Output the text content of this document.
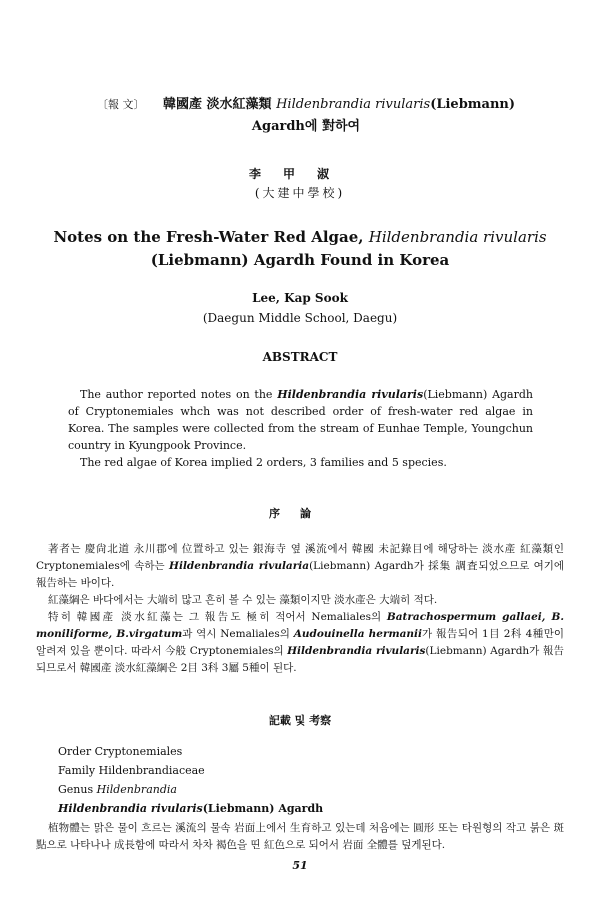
〔報 文〕 韓國產 淡水紅藻類 Hildenbrandia rivularis(Liebmann)
Agardh에 對하여
李甲淑
(大建中學校)
Notes on the Fresh-Water Red Algae, Hildenbrandia rivularis
(Liebmann) Agardh Found in Korea
Lee, Kap Sook
(Daegun Middle School, Daegu)
ABSTRACT

The author reported notes on the Hildenbrandia rivularis(Liebmann) Agardh of Cryptonemiales whch was not described order of fresh-water red algae in Korea. The samples were collected from the stream of Eunhae Temple, Youngchun country in Kyungpook Province.

The red algae of Korea implied 2 orders, 3 families and 5 species.

序論

著者는 慶尙北道 永川郡에 位置하고 있는 銀海寺 옆 溪流에서 韓國 未記錄目에 해당하는 淡水產 紅藻類인 Cryptonemiales에 속하는 Hildenbrandia rivularia(Liebmann) Agardh가 採集 調査되었으므로 여기에 報告하는 바이다.

紅藻綱은 바다에서는 大端히 많고 흔히 볼 수 있는 藻類이지만 淡水產은 大端히 적다.

特히 韓國產 淡水紅藻는 그 報告도 極히 적어서 Nemaliales의 Batrachospermum gallaei, B. moniliforme, B.virgatum과 역시 Nemaliales의 Audouinella hermanii가 報告되어 1目 2科 4種만이 알려져 있을 뿐이다. 따라서 今般 Cryptonemiales의 Hildenbrandia rivularis(Liebmann) Agardh가 報告되므로서 韓國產 淡水紅藻綱은 2目 3科 3屬 5種이 된다.

記載 및 考察
Order Cryptonemiales
Family Hildenbrandiaceae
Genus Hildenbrandia
Hildenbrandia rivularis(Liebmann) Agardh

植物體는 맑은 물이 흐르는 溪流의 물속 岩面上에서 生育하고 있는데 처음에는 圓形 또는 타원형의 작고 붉은 斑點으로 나타나나 成長함에 따라서 차차 褐色을 띤 紅色으로 되어서 岩面 全體를 덮게된다.

51
